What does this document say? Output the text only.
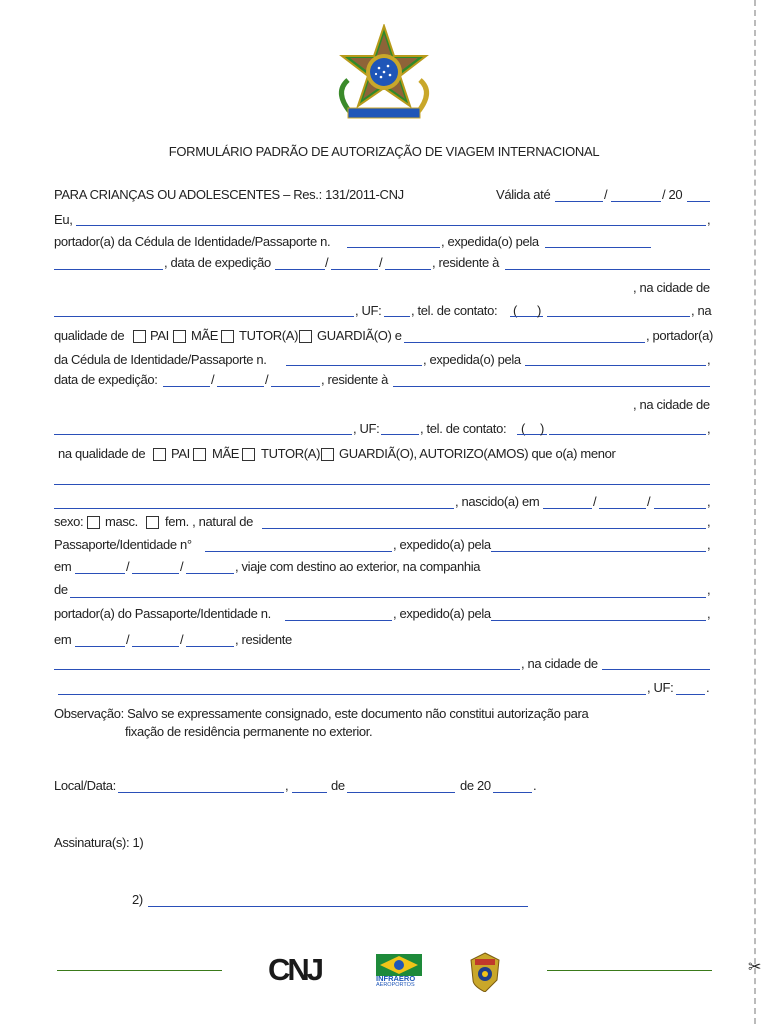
✂
FORMULÁRIO PADRÃO DE AUTORIZAÇÃO DE VIAGEM INTERNACIONAL
PARA CRIANÇAS OU ADOLESCENTES – Res.: 131/2011-CNJ	Válida até	/	/ 20
Eu,	,
portador(a) da Cédula de Identidade/Passaporte n.	, expedida(o) pela
, data de expedição	/	/	, residente à
, na cidade de
, UF: , tel. de contato: ( )	, na
qualidade de PAI MÃE TUTOR(A) GUARDIÃ(O) e	, portador(a)
da Cédula de Identidade/Passaporte n.	, expedida(o) pela	,
data de expedição:	/	/	, residente à
, na cidade de
, UF:	, tel. de contato: ( )	,
na qualidade de PAI MÃE TUTOR(A) GUARDIÃ(O), AUTORIZO(AMOS) que o(a) menor
, nascido(a) em	/	/	,
sexo: masc. fem. , natural de	,
Passaporte/Identidade n°	, expedido(a) pela	,
em	/	/	, viaje com destino ao exterior, na companhia
de	,
portador(a) do Passaporte/Identidade n.	, expedido(a) pela	,
em	/	/	, residente
, na cidade de
, UF:	.
Observação: Salvo se expressamente consignado, este documento não constitui autorização para
fixação de residência permanente no exterior.
Local/Data:	,	de	de 20	.
Assinatura(s): 1)
2)
CNJ	INFRAERO
AEROPORTOS
